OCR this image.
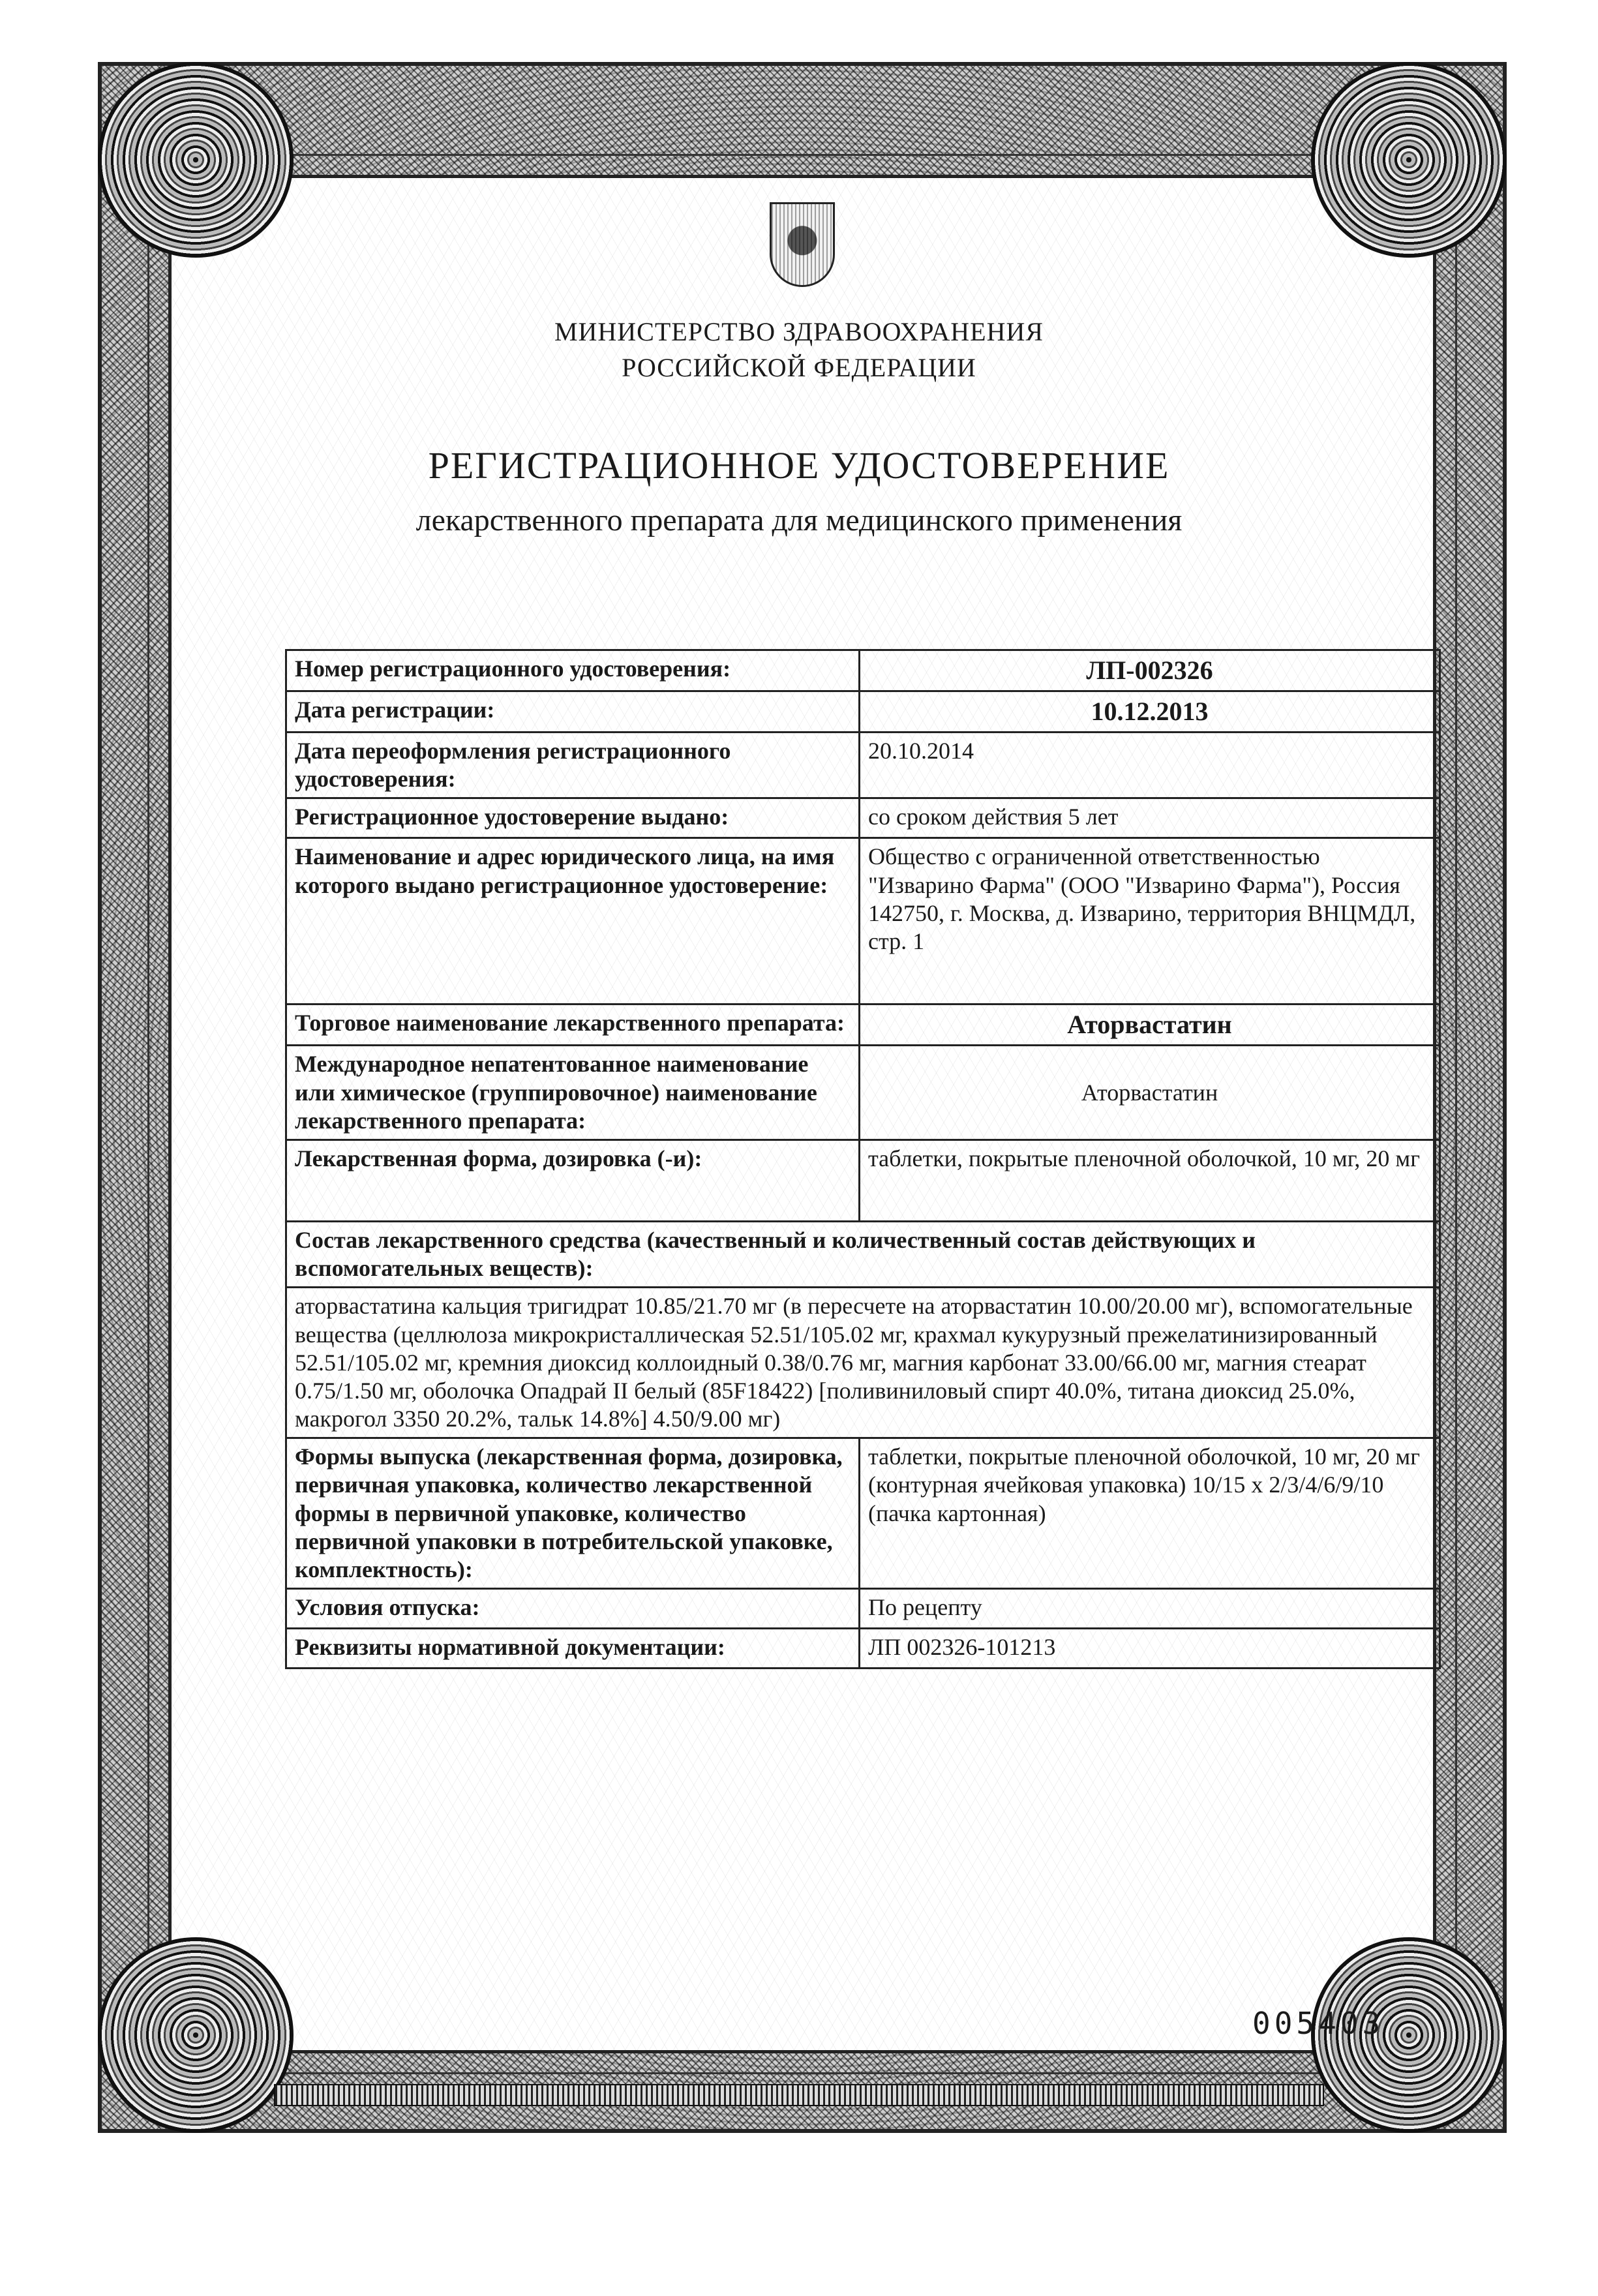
МИНИСТЕРСТВО ЗДРАВООХРАНЕНИЯ
РОССИЙСКОЙ ФЕДЕРАЦИИ
РЕГИСТРАЦИОННОЕ УДОСТОВЕРЕНИЕ
лекарственного препарата для медицинского применения
Номер регистрационного удостоверения:	ЛП-002326
Дата регистрации:	10.12.2013
Дата переоформления регистрационного удостоверения:	20.10.2014
Регистрационное удостоверение выдано:	со сроком действия 5 лет
Наименование и адрес юридического лица, на имя которого выдано регистрационное удостоверение:	Общество с ограниченной ответственностью "Изварино Фарма" (ООО "Изварино Фарма"), Россия
142750, г. Москва, д. Изварино, территория ВНЦМДЛ, стр. 1

Торговое наименование лекарственного препарата:	Аторвастатин
Международное непатентованное наименование или химическое (группировочное) наименование лекарственного препарата:	Аторвастатин
Лекарственная форма, дозировка (-и):	таблетки, покрытые пленочной оболочкой, 10 мг, 20 мг
Состав лекарственного средства (качественный и количественный состав действующих и вспомогательных веществ):	
аторвастатина кальция тригидрат 10.85/21.70 мг (в пересчете на аторвастатин 10.00/20.00 мг), вспомогательные вещества (целлюлоза микрокристаллическая 52.51/105.02 мг, крахмал кукурузный прежелатинизированный 52.51/105.02 мг, кремния диоксид коллоидный 0.38/0.76 мг, магния карбонат 33.00/66.00 мг, магния стеарат 0.75/1.50 мг, оболочка Опадрай II белый (85F18422) [поливиниловый спирт 40.0%, титана диоксид 25.0%, макрогол 3350 20.2%, тальк 14.8%] 4.50/9.00 мг)	
Формы выпуска (лекарственная форма, дозировка, первичная упаковка, количество лекарственной формы в первичной упаковке, количество первичной упаковки в потребительской упаковке, комплектность):	таблетки, покрытые пленочной оболочкой, 10 мг, 20 мг (контурная ячейковая упаковка) 10/15 x 2/3/4/6/9/10 (пачка картонная)
Условия отпуска:	По рецепту
Реквизиты нормативной документации:	ЛП 002326-101213
005403
